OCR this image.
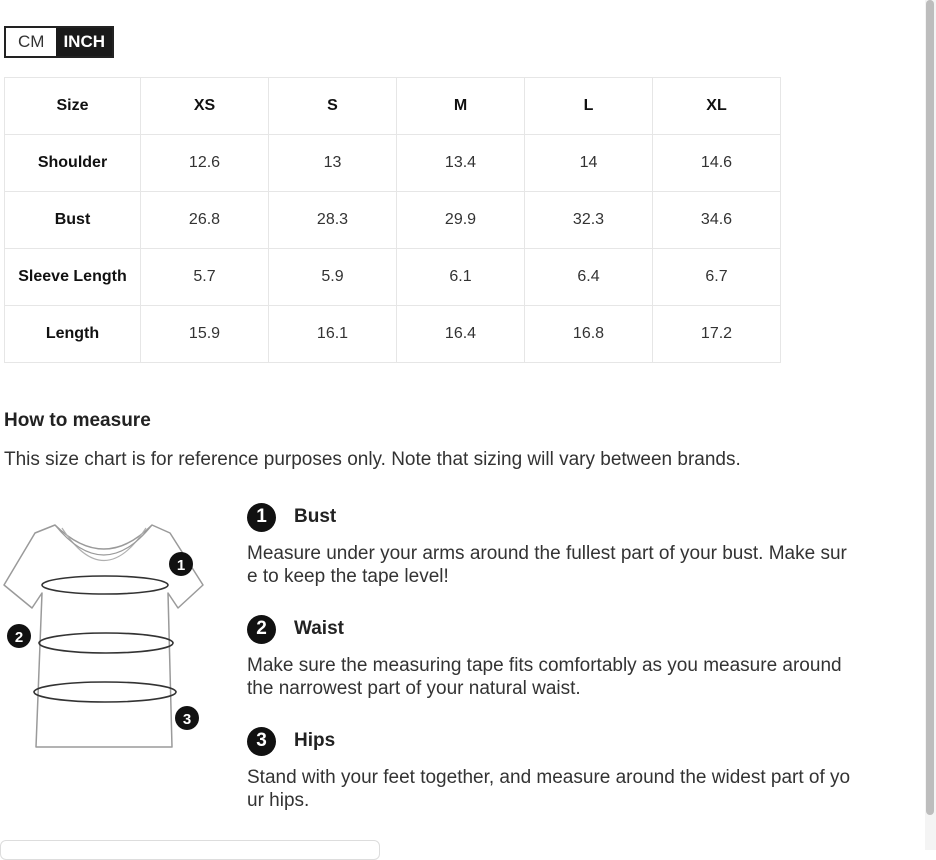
CM	INCH
Size	XS	S	M	L	XL
Shoulder	12.6	13	13.4	14	14.6
Bust	26.8	28.3	29.9	32.3	34.6
Sleeve Length	5.7	5.9	6.1	6.4	6.7
Length	15.9	16.1	16.4	16.8	17.2
How to measure
This size chart is for reference purposes only. Note that sizing will vary between brands.
1
2
3
1	Bust
Measure under your arms around the fullest part of your bust. Make sure to keep the tape level!
2	Waist
Make sure the measuring tape fits comfortably as you measure around the narrowest part of your natural waist.
3	Hips
Stand with your feet together, and measure around the widest part of your hips.
